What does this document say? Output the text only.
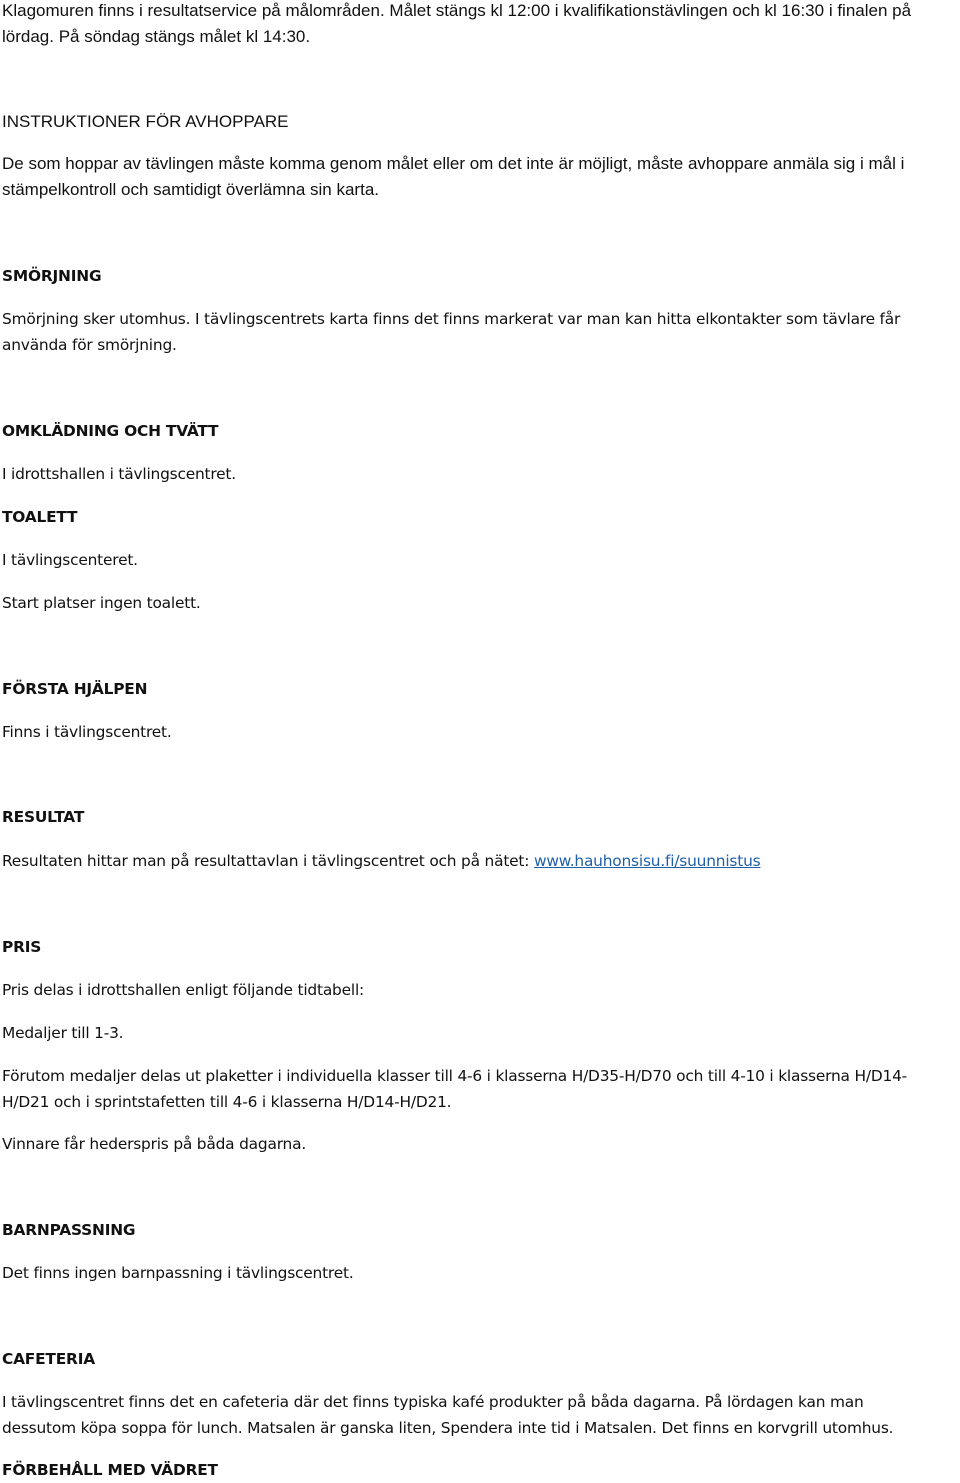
Klagomuren finns i resultatservice på målområden. Målet stängs kl 12:00 i kvalifikationstävlingen och kl 16:30 i finalen på

lördag. På söndag stängs målet kl 14:30.

INSTRUKTIONER FÖR AVHOPPARE

De som hoppar av tävlingen måste komma genom målet eller om det inte är möjligt, måste avhoppare anmäla sig i mål i

stämpelkontroll och samtidigt överlämna sin karta.

SMÖRJNING

Smörjning sker utomhus. I tävlingscentrets karta finns det finns markerat var man kan hitta elkontakter som tävlare får

använda för smörjning.

OMKLÄDNING OCH TVÄTT

I idrottshallen i tävlingscentret.

TOALETT

I tävlingscenteret.

Start platser ingen toalett.

FÖRSTA HJÄLPEN

Finns i tävlingscentret.

RESULTAT

Resultaten hittar man på resultattavlan i tävlingscentret och på nätet: www.hauhonsisu.fi/suunnistus

PRIS

Pris delas i idrottshallen enligt följande tidtabell:

Medaljer till 1-3.

Förutom medaljer delas ut plaketter i individuella klasser till 4-6 i klasserna H/D35-H/D70 och till 4-10 i klasserna H/D14-

H/D21 och i sprintstafetten till 4-6 i klasserna H/D14-H/D21.

Vinnare får hederspris på båda dagarna.

BARNPASSNING

Det finns ingen barnpassning i tävlingscentret.

CAFETERIA

I tävlingscentret finns det en cafeteria där det finns typiska kafé produkter på båda dagarna. På lördagen kan man

dessutom köpa soppa för lunch. Matsalen är ganska liten, Spendera inte tid i Matsalen. Det finns en korvgrill utomhus.

FÖRBEHÅLL MED VÄDRET
